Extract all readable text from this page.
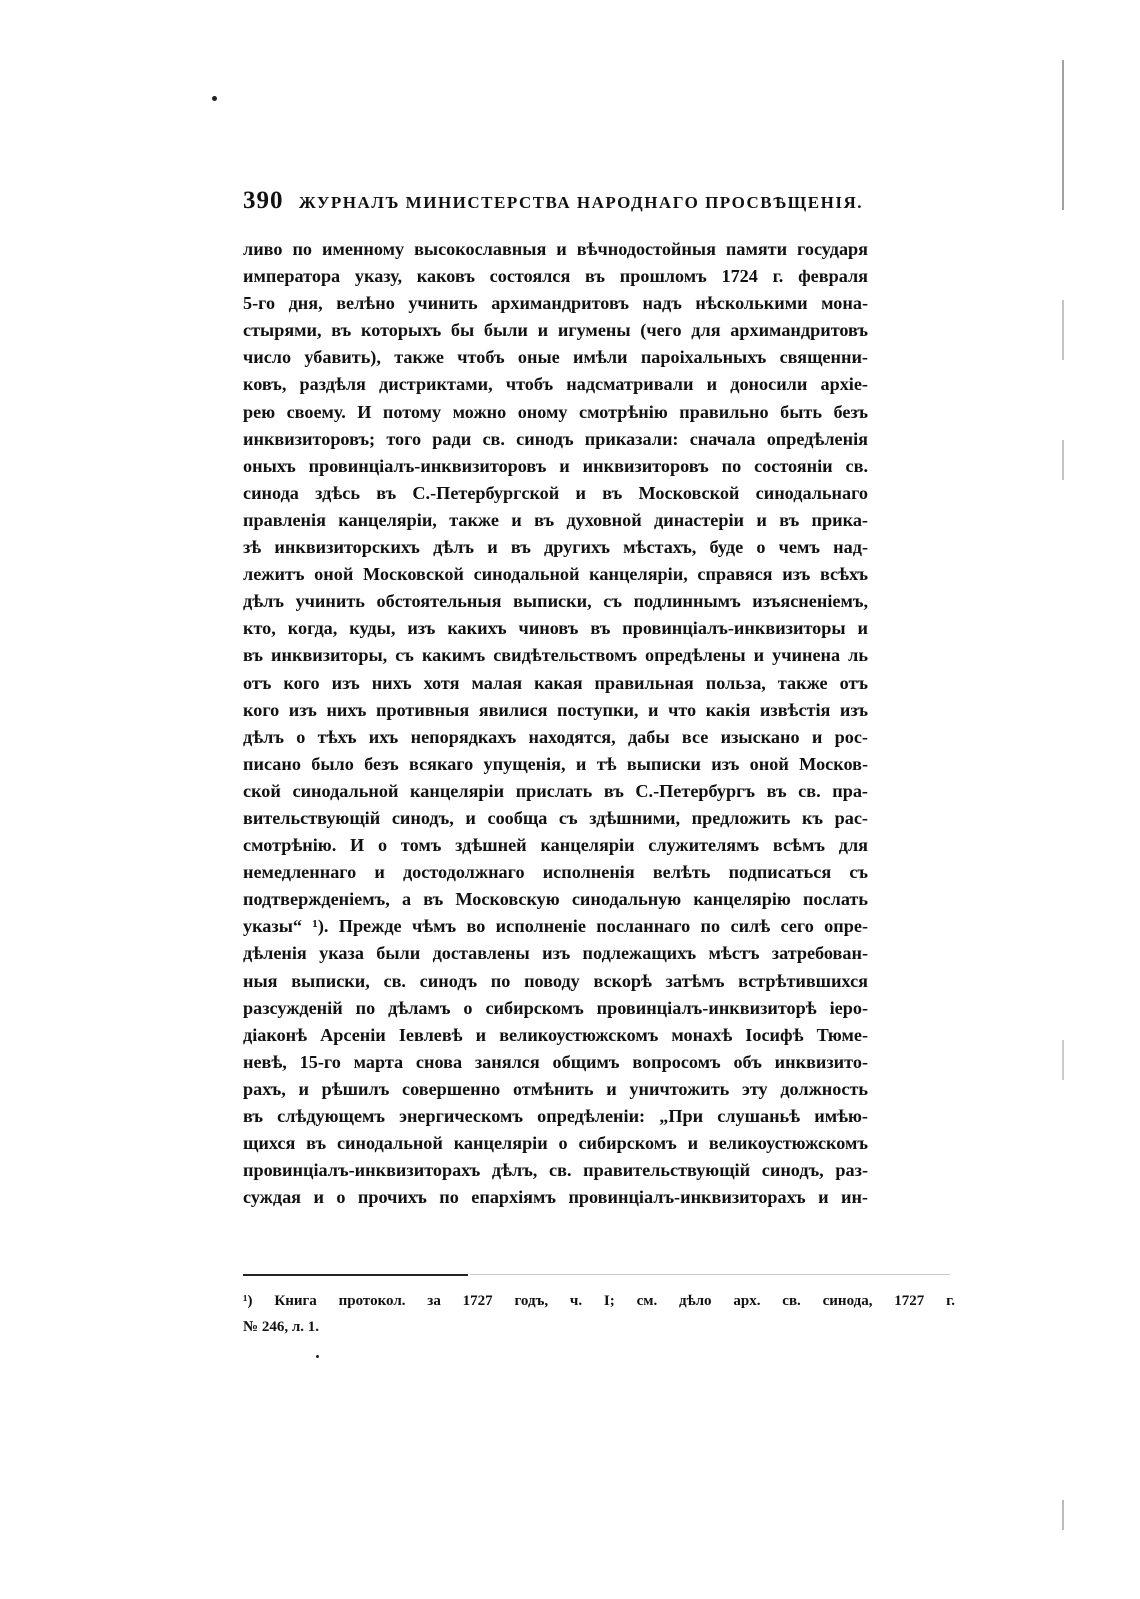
390 ЖУРНАЛЪ МИНИСТЕРСТВА НАРОДНАГО ПРОСВѢЩЕНІЯ.
ливо по именному высокославныя и вѣчнодостойныя памяти государя
императора указу, каковъ состоялся въ прошломъ 1724 г. февраля
5-го дня, велѣно учинить архимандритовъ надъ нѣсколькими мона-
стырями, въ которыхъ бы были и игумены (чего для архимандритовъ
число убавить), также чтобъ оные имѣли пароіхальныхъ священни-
ковъ, раздѣля дистриктами, чтобъ надсматривали и доносили архіе-
рею своему. И потому можно оному смотрѣнію правильно быть безъ
инквизиторовъ; того ради св. синодъ приказали: сначала опредѣленія
оныхъ провинціалъ-инквизиторовъ и инквизиторовъ по состояніи св.
синода здѣсь въ С.-Петербургской и въ Московской синодальнаго
правленія канцеляріи, также и въ духовной династеріи и въ прика-
зѣ инквизиторскихъ дѣлъ и въ другихъ мѣстахъ, буде о чемъ над-
лежитъ оной Московской синодальной канцеляріи, справяся изъ всѣхъ
дѣлъ учинить обстоятельныя выписки, съ подлиннымъ изъясненіемъ,
кто, когда, куды, изъ какихъ чиновъ въ провинціалъ-инквизиторы и
въ инквизиторы, съ какимъ свидѣтельствомъ опредѣлены и учинена ль
отъ кого изъ нихъ хотя малая какая правильная польза, также отъ
кого изъ нихъ противныя явилися поступки, и что какія извѣстія изъ
дѣлъ о тѣхъ ихъ непорядкахъ находятся, дабы все изыскано и рос-
писано было безъ всякаго упущенія, и тѣ выписки изъ оной Москов-
ской синодальной канцеляріи прислать въ С.-Петербургъ въ св. пра-
вительствующій синодъ, и сообща съ здѣшними, предложить къ рас-
смотрѣнію. И о томъ здѣшней канцеляріи служителямъ всѣмъ для
немедленнаго и достодолжнаго исполненія велѣть подписаться съ
подтвержденіемъ, а въ Московскую синодальную канцелярію послать
указы“ ¹). Прежде чѣмъ во исполненіе посланнаго по силѣ сего опре-
дѣленія указа были доставлены изъ подлежащихъ мѣстъ затребован-
ныя выписки, св. синодъ по поводу вскорѣ затѣмъ встрѣтившихся
разсужденій по дѣламъ о сибирскомъ провинціалъ-инквизиторѣ іеро-
діаконѣ Арсеніи Іевлевѣ и великоустюжскомъ монахѣ Іосифѣ Тюме-
невѣ, 15-го марта снова занялся общимъ вопросомъ объ инквизито-
рахъ, и рѣшилъ совершенно отмѣнить и уничтожить эту должность
въ слѣдующемъ энергическомъ опредѣленіи: „При слушаньѣ имѣю-
щихся въ синодальной канцеляріи о сибирскомъ и великоустюжскомъ
провинціалъ-инквизиторахъ дѣлъ, св. правительствующій синодъ, раз-
суждая и о прочихъ по епархіямъ провинціалъ-инквизиторахъ и ин-
¹) Книга протокол. за 1727 годъ, ч. I; см. дѣло арх. св. синода, 1727 г.
№ 246, л. 1.
